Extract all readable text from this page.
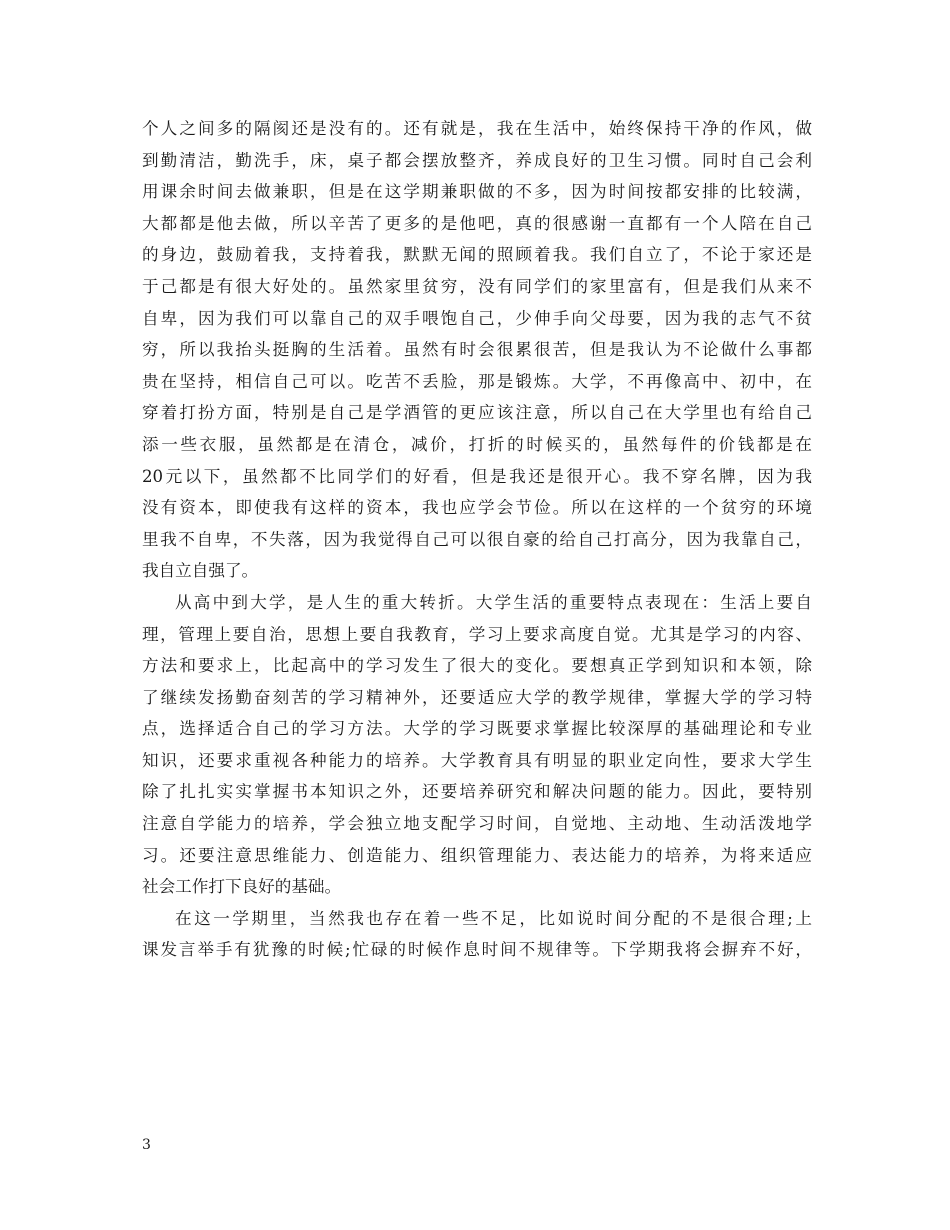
个人之间多的隔阂还是没有的。还有就是，我在生活中，始终保持干净的作风，做
到勤清洁，勤洗手，床，桌子都会摆放整齐，养成良好的卫生习惯。同时自己会利
用课余时间去做兼职，但是在这学期兼职做的不多，因为时间按都安排的比较满，
大都都是他去做，所以辛苦了更多的是他吧，真的很感谢一直都有一个人陪在自己
的身边，鼓励着我，支持着我，默默无闻的照顾着我。我们自立了，不论于家还是
于己都是有很大好处的。虽然家里贫穷，没有同学们的家里富有，但是我们从来不
自卑，因为我们可以靠自己的双手喂饱自己，少伸手向父母要，因为我的志气不贫
穷，所以我抬头挺胸的生活着。虽然有时会很累很苦，但是我认为不论做什么事都
贵在坚持，相信自己可以。吃苦不丢脸，那是锻炼。大学，不再像高中、初中，在
穿着打扮方面，特别是自己是学酒管的更应该注意，所以自己在大学里也有给自己
添一些衣服，虽然都是在清仓，减价，打折的时候买的，虽然每件的价钱都是在
20元以下，虽然都不比同学们的好看，但是我还是很开心。我不穿名牌，因为我
没有资本，即使我有这样的资本，我也应学会节俭。所以在这样的一个贫穷的环境
里我不自卑，不失落，因为我觉得自己可以很自豪的给自己打高分，因为我靠自己，
我自立自强了。
从高中到大学，是人生的重大转折。大学生活的重要特点表现在：生活上要自
理，管理上要自治，思想上要自我教育，学习上要求高度自觉。尤其是学习的内容、
方法和要求上，比起高中的学习发生了很大的变化。要想真正学到知识和本领，除
了继续发扬勤奋刻苦的学习精神外，还要适应大学的教学规律，掌握大学的学习特
点，选择适合自己的学习方法。大学的学习既要求掌握比较深厚的基础理论和专业
知识，还要求重视各种能力的培养。大学教育具有明显的职业定向性，要求大学生
除了扎扎实实掌握书本知识之外，还要培养研究和解决问题的能力。因此，要特别
注意自学能力的培养，学会独立地支配学习时间，自觉地、主动地、生动活泼地学
习。还要注意思维能力、创造能力、组织管理能力、表达能力的培养，为将来适应
社会工作打下良好的基础。
在这一学期里，当然我也存在着一些不足，比如说时间分配的不是很合理;上
课发言举手有犹豫的时候;忙碌的时候作息时间不规律等。下学期我将会摒弃不好，
3
